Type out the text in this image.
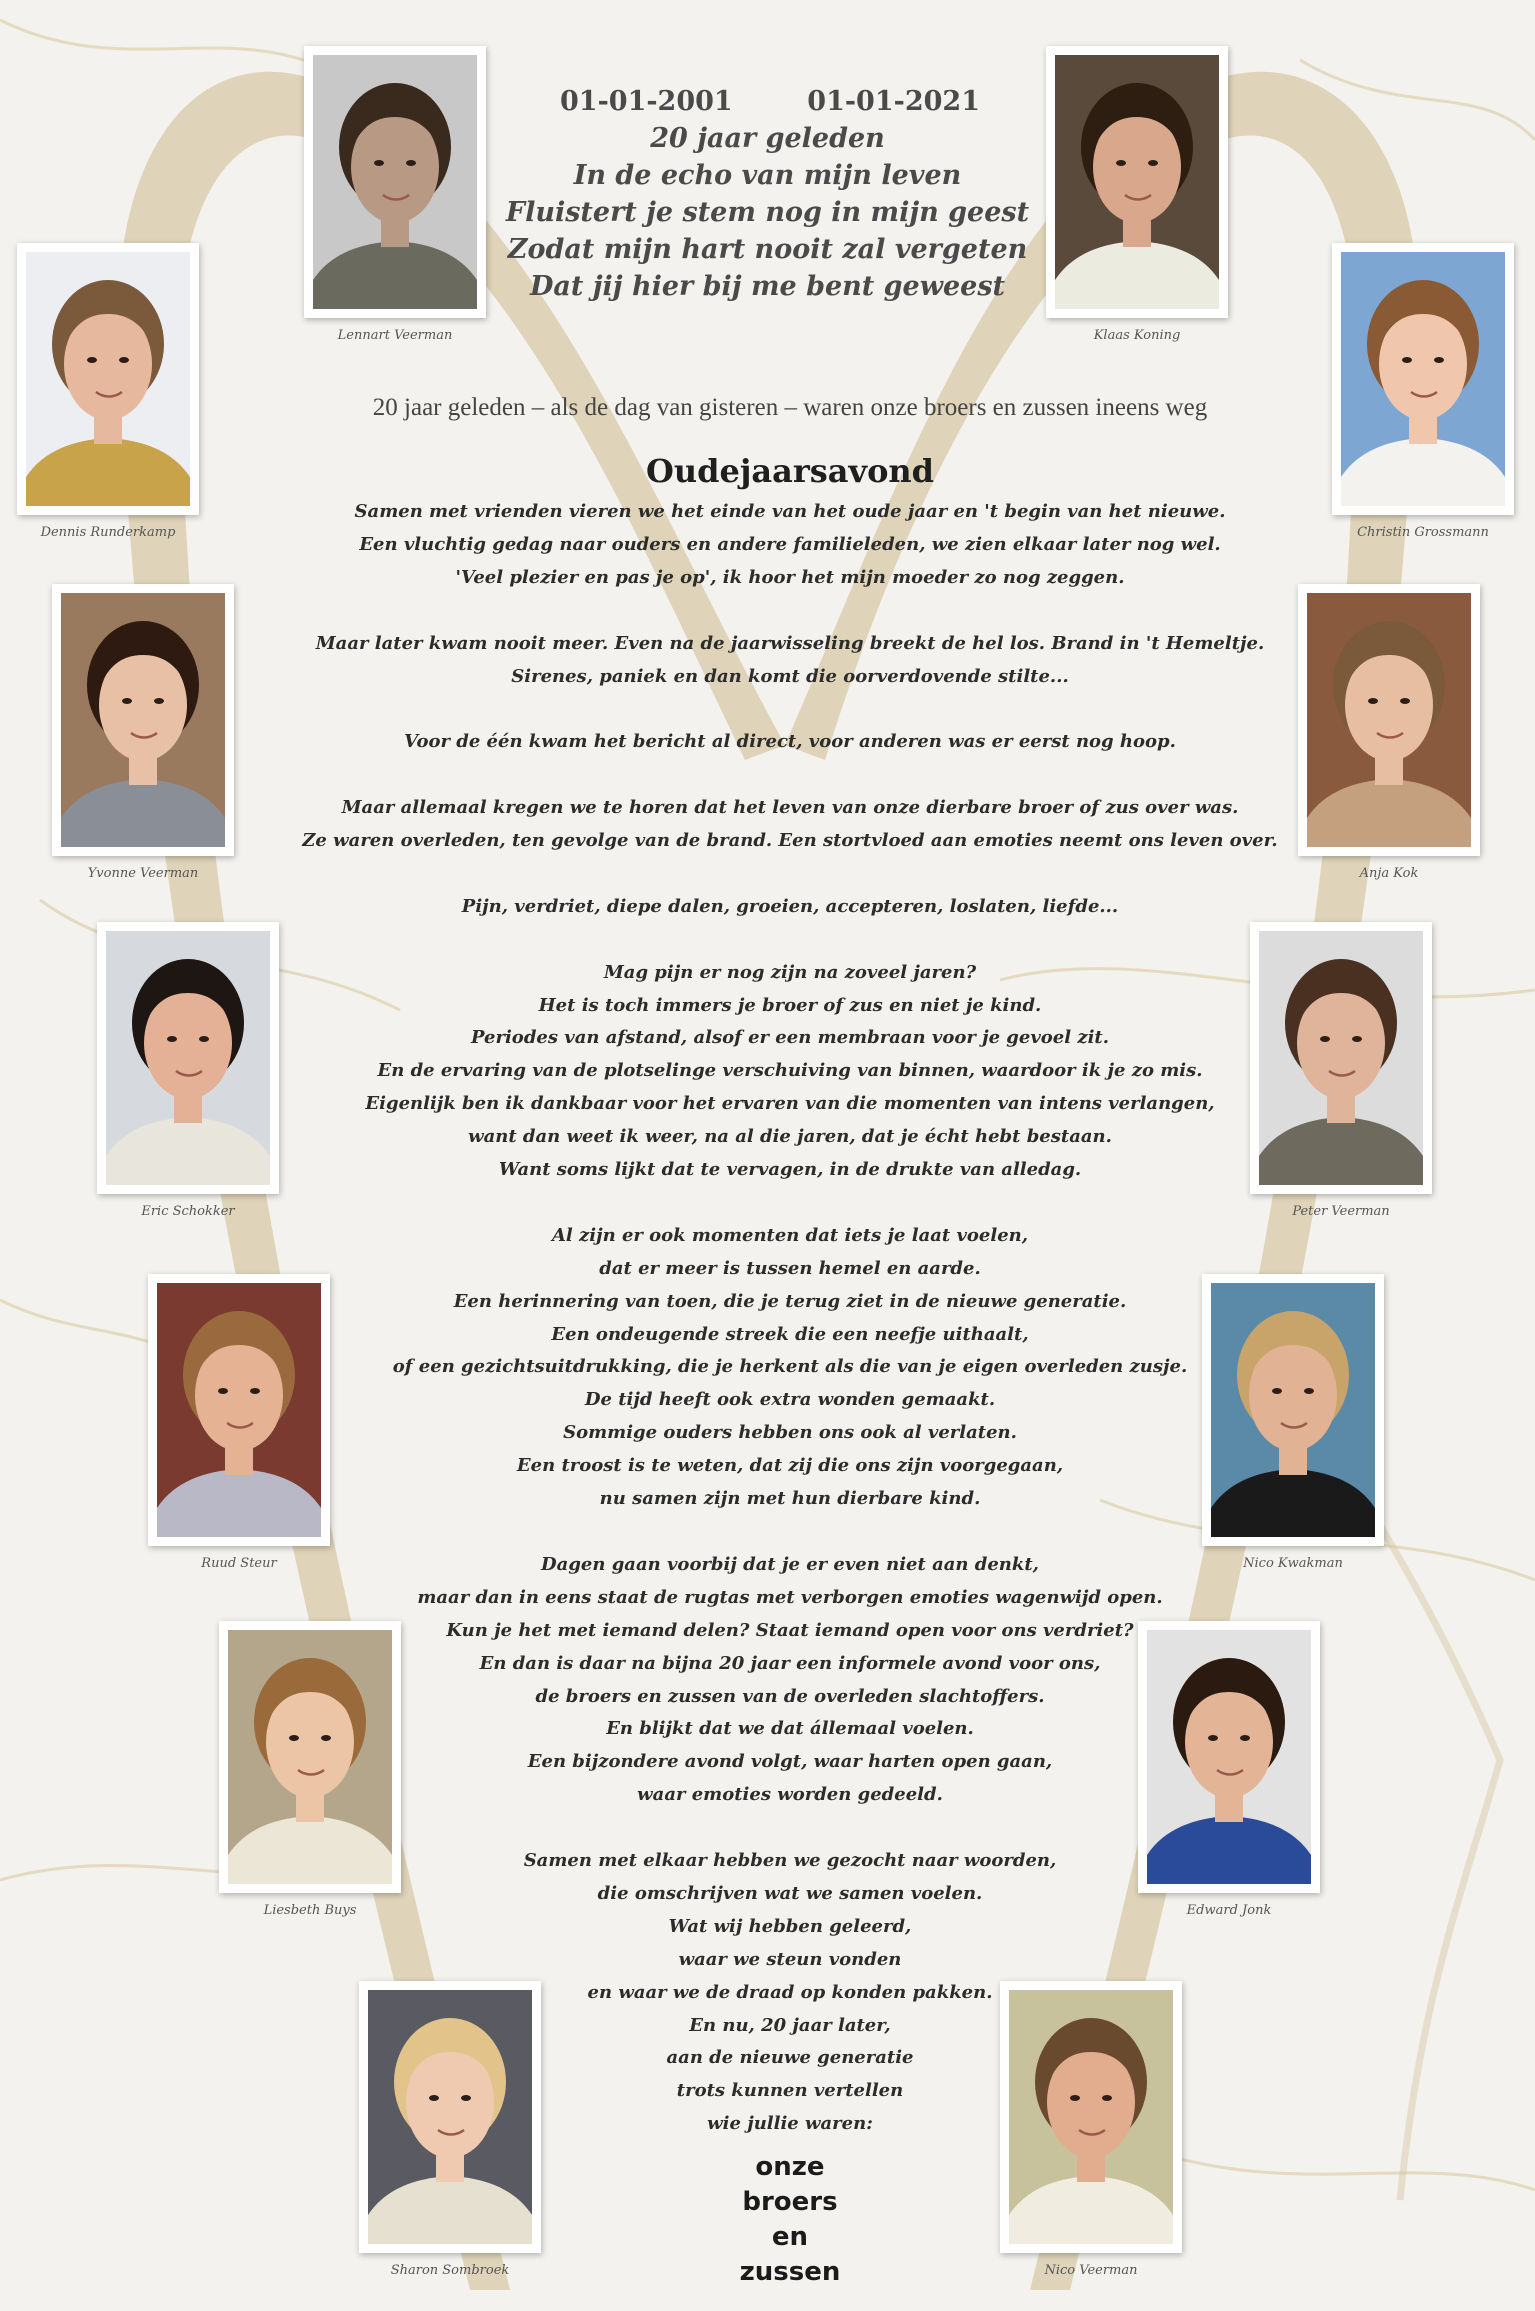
01-01-2001	01-01-2021
20 jaar geleden
In de echo van mijn leven
Fluistert je stem nog in mijn geest
Zodat mijn hart nooit zal vergeten
Dat jij hier bij me bent geweest
20 jaar geleden – als de dag van gisteren – waren onze broers en zussen ineens weg
Oudejaarsavond

Samen met vrienden vieren we het einde van het oude jaar en 't begin van het nieuwe.
Een vluchtig gedag naar ouders en andere familieleden, we zien elkaar later nog wel.
'Veel plezier en pas je op', ik hoor het mijn moeder zo nog zeggen.

Maar later kwam nooit meer. Even na de jaarwisseling breekt de hel los. Brand in 't Hemeltje.
Sirenes, paniek en dan komt die oorverdovende stilte...

Voor de één kwam het bericht al direct, voor anderen was er eerst nog hoop.

Maar allemaal kregen we te horen dat het leven van onze dierbare broer of zus over was.
Ze waren overleden, ten gevolge van de brand. Een stortvloed aan emoties neemt ons leven over.

Pijn, verdriet, diepe dalen, groeien, accepteren, loslaten, liefde...

Mag pijn er nog zijn na zoveel jaren?
Het is toch immers je broer of zus en niet je kind.
Periodes van afstand, alsof er een membraan voor je gevoel zit.
En de ervaring van de plotselinge verschuiving van binnen, waardoor ik je zo mis.
Eigenlijk ben ik dankbaar voor het ervaren van die momenten van intens verlangen,
want dan weet ik weer, na al die jaren, dat je écht hebt bestaan.
Want soms lijkt dat te vervagen, in de drukte van alledag.

Al zijn er ook momenten dat iets je laat voelen,
dat er meer is tussen hemel en aarde.
Een herinnering van toen, die je terug ziet in de nieuwe generatie.
Een ondeugende streek die een neefje uithaalt,
of een gezichtsuitdrukking, die je herkent als die van je eigen overleden zusje.
De tijd heeft ook extra wonden gemaakt.
Sommige ouders hebben ons ook al verlaten.
Een troost is te weten, dat zij die ons zijn voorgegaan,
nu samen zijn met hun dierbare kind.

Dagen gaan voorbij dat je er even niet aan denkt,
maar dan in eens staat de rugtas met verborgen emoties wagenwijd open.
Kun je het met iemand delen? Staat iemand open voor ons verdriet?
En dan is daar na bijna 20 jaar een informele avond voor ons,
de broers en zussen van de overleden slachtoffers.
En blijkt dat we dat állemaal voelen.
Een bijzondere avond volgt, waar harten open gaan,
waar emoties worden gedeeld.

Samen met elkaar hebben we gezocht naar woorden,
die omschrijven wat we samen voelen.
Wat wij hebben geleerd,
waar we steun vonden
en waar we de draad op konden pakken.
En nu, 20 jaar later,
aan de nieuwe generatie
trots kunnen vertellen
wie jullie waren:

onze
broers
en
zussen
Lennart Veerman	Klaas Koning
Dennis Runderkamp	Christin Grossmann
Yvonne Veerman	Anja Kok
Eric Schokker	Peter Veerman
Ruud Steur	Nico Kwakman
Liesbeth Buys	Edward Jonk
Sharon Sombroek	Nico Veerman
